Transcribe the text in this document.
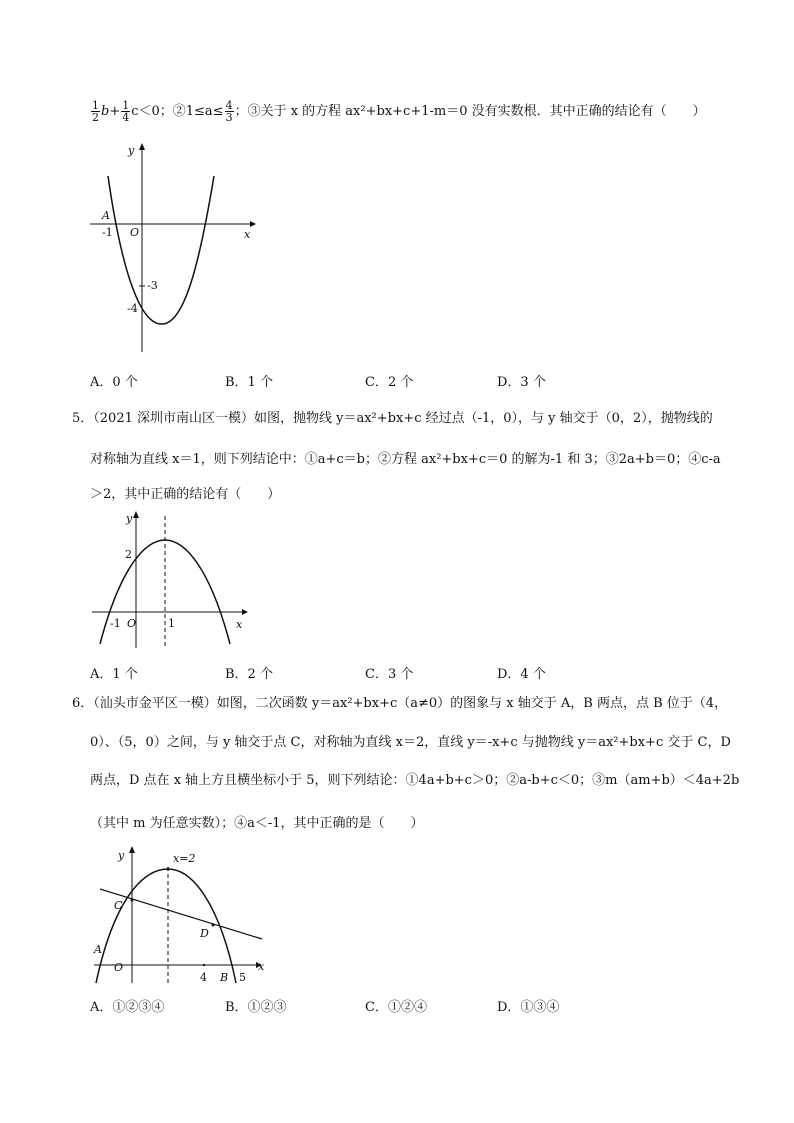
$\frac{1}{2} b+ \frac{1}{4} c<0$；②1≤a≤ $\frac{4}{3}$ ；③关于 x 的方程 ax²+bx+c+1-m＝0 没有实数根．其中正确的结论有（　　）
y
x
A
-1 O
-3
-4
A．0 个	B．1 个	C．2 个	D．3 个
5．（2021 深圳市南山区一模）如图，抛物线 y＝ax²+bx+c 经过点（-1，0），与 y 轴交于（0，2），抛物线的
对称轴为直线 x＝1，则下列结论中：①a+c＝b；②方程 ax²+bx+c＝0 的解为-1 和 3；③2a+b＝0；④c-a
＞2，其中正确的结论有（　　）
y
x
2
-1 O	1
A．1 个	B．2 个	C．3 个	D．4 个
6．（汕头市金平区一模）如图，二次函数 y＝ax²+bx+c（a≠0）的图象与 x 轴交于 A，B 两点，点 B 位于（4，
0）、（5，0）之间，与 y 轴交于点 C，对称轴为直线 x＝2，直线 y＝-x+c 与抛物线 y＝ax²+bx+c 交于 C，D
两点，D 点在 x 轴上方且横坐标小于 5，则下列结论：①4a+b+c＞0；②a-b+c＜0；③m（am+b）＜4a+2b
（其中 m 为任意实数）；④a＜-1，其中正确的是（　　）
y
x
x=2
C
D
A
O
4 B 5
A．①②③④	B．①②③	C．①②④	D．①③④
